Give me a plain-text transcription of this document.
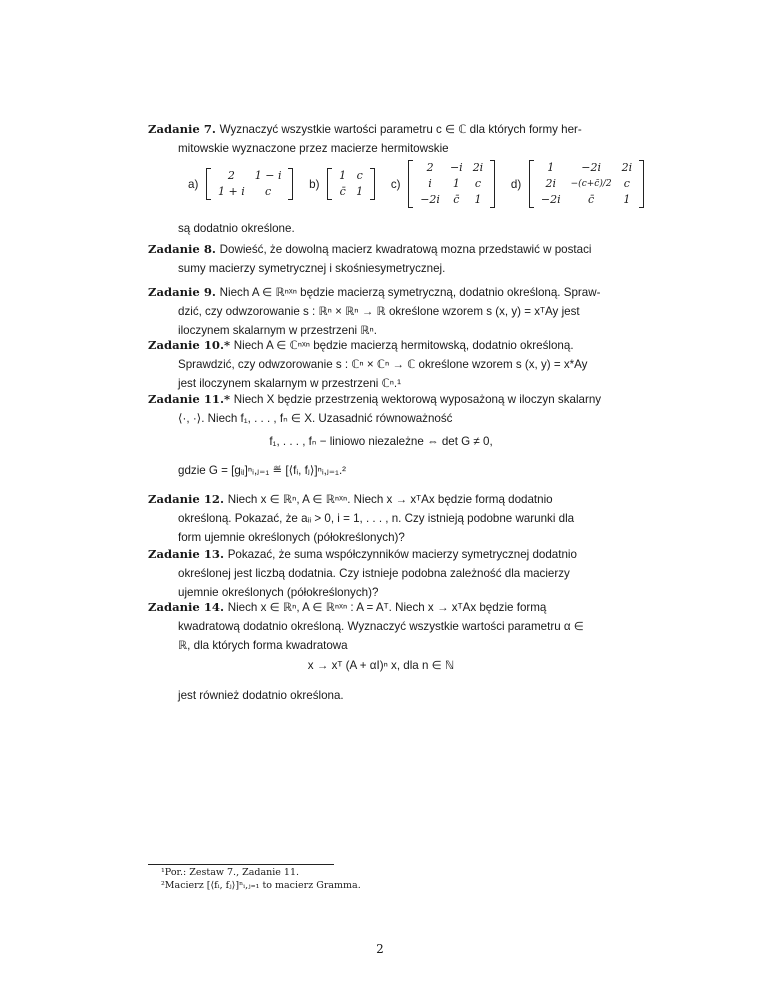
Zadanie 7. Wyznaczyć wszystkie wartości parametru c ∈ ℂ dla których formy her-
mitowskie wyznaczone przez macierze hermitowskie
a)
2	1 − i
1 + i	c
b)
1	c
c̄	1
c)
2	−i	2i
i	1	c
−2i	c̄	1
d)
1	−2i	2i
2i	−(c+c̄)/2	c
−2i	c̄	1
są dodatnio określone.
Zadanie 8. Dowieść, że dowolną macierz kwadratową mozna przedstawić w postaci
sumy macierzy symetrycznej i skośniesymetrycznej.
Zadanie 9. Niech A ∈ ℝⁿˣⁿ będzie macierzą symetryczną, dodatnio określoną. Spraw-
dzić, czy odwzorowanie s : ℝⁿ × ℝⁿ → ℝ określone wzorem s (x, y) = xᵀAy jest
iloczynem skalarnym w przestrzeni ℝⁿ.
Zadanie 10.* Niech A ∈ ℂⁿˣⁿ będzie macierzą hermitowską, dodatnio określoną.
Sprawdzić, czy odwzorowanie s : ℂⁿ × ℂⁿ → ℂ określone wzorem s (x, y) = x*Ay
jest iloczynem skalarnym w przestrzeni ℂⁿ.¹
Zadanie 11.* Niech X będzie przestrzenią wektorową wyposażoną w iloczyn skalarny
⟨·, ·⟩. Niech f₁, . . . , fₙ ∈ X. Uzasadnić równoważność
f₁, . . . , fₙ − liniowo niezależne ⇔ det G ≠ 0,
gdzie G = [gᵢⱼ]ⁿᵢ,ⱼ₌₁ ≝ [⟨fᵢ, fⱼ⟩]ⁿᵢ,ⱼ₌₁.²
Zadanie 12. Niech x ∈ ℝⁿ, A ∈ ℝⁿˣⁿ. Niech x → xᵀAx będzie formą dodatnio
określoną. Pokazać, że aᵢᵢ > 0, i = 1, . . . , n. Czy istnieją podobne warunki dla
form ujemnie określonych (półokreślonych)?
Zadanie 13. Pokazać, że suma współczynników macierzy symetrycznej dodatnio
określonej jest liczbą dodatnia. Czy istnieje podobna zależność dla macierzy
ujemnie określonych (półokreślonych)?
Zadanie 14. Niech x ∈ ℝⁿ, A ∈ ℝⁿˣⁿ : A = Aᵀ. Niech x → xᵀAx będzie formą
kwadratową dodatnio określoną. Wyznaczyć wszystkie wartości parametru α ∈
ℝ, dla których forma kwadratowa
x → xᵀ (A + αI)ⁿ x, dla n ∈ ℕ
jest również dodatnio określona.
¹Por.: Zestaw 7., Zadanie 11.
²Macierz [⟨fᵢ, fⱼ⟩]ⁿᵢ,ⱼ₌₁ to macierz Gramma.
2
